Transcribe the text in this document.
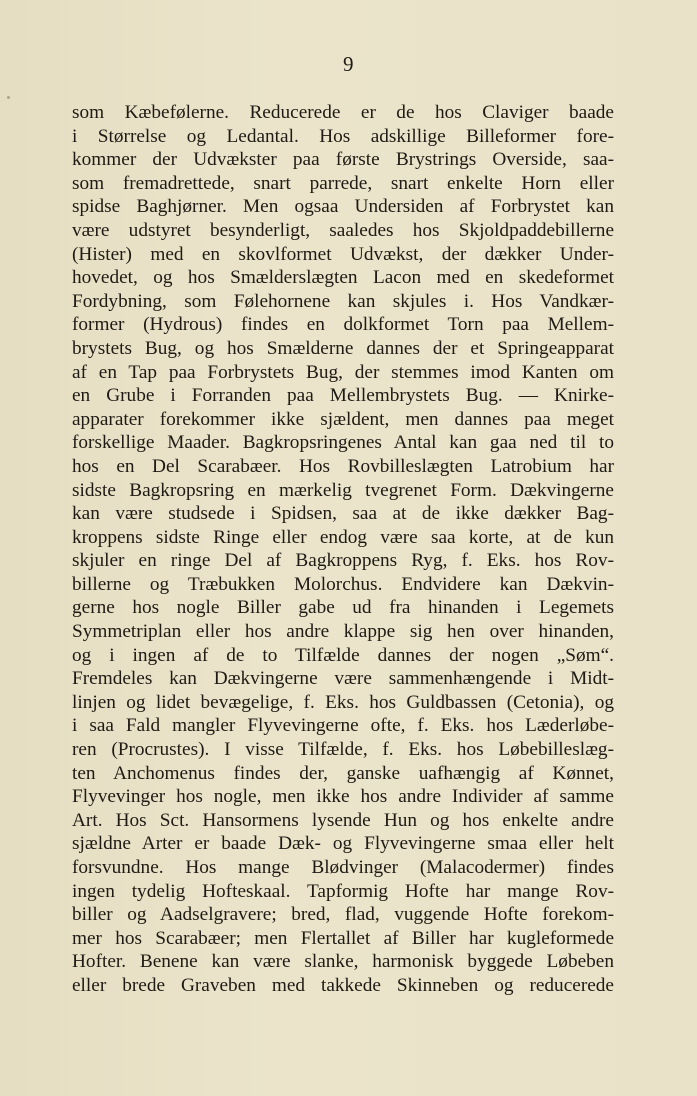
9
som Kæbefølerne. Reducerede er de hos Claviger baade
i Størrelse og Ledantal. Hos adskillige Billeformer fore-
kommer der Udvækster paa første Brystrings Overside, saa-
som fremadrettede, snart parrede, snart enkelte Horn eller
spidse Baghjørner. Men ogsaa Undersiden af Forbrystet kan
være udstyret besynderligt, saaledes hos Skjoldpaddebillerne
(Hister) med en skovlformet Udvækst, der dækker Under-
hovedet, og hos Smælderslægten Lacon med en skedeformet
Fordybning, som Følehornene kan skjules i. Hos Vandkær-
former (Hydrous) findes en dolkformet Torn paa Mellem-
brystets Bug, og hos Smælderne dannes der et Springeapparat
af en Tap paa Forbrystets Bug, der stemmes imod Kanten om
en Grube i Forranden paa Mellembrystets Bug. — Knirke-
apparater forekommer ikke sjældent, men dannes paa meget
forskellige Maader. Bagkropsringenes Antal kan gaa ned til to
hos en Del Scarabæer. Hos Rovbilleslægten Latrobium har
sidste Bagkropsring en mærkelig tvegrenet Form. Dækvingerne
kan være studsede i Spidsen, saa at de ikke dækker Bag-
kroppens sidste Ringe eller endog være saa korte, at de kun
skjuler en ringe Del af Bagkroppens Ryg, f. Eks. hos Rov-
billerne og Træbukken Molorchus. Endvidere kan Dækvin-
gerne hos nogle Biller gabe ud fra hinanden i Legemets
Symmetriplan eller hos andre klappe sig hen over hinanden,
og i ingen af de to Tilfælde dannes der nogen „Søm“.
Fremdeles kan Dækvingerne være sammenhængende i Midt-
linjen og lidet bevægelige, f. Eks. hos Guldbassen (Cetonia), og
i saa Fald mangler Flyvevingerne ofte, f. Eks. hos Læderløbe-
ren (Procrustes). I visse Tilfælde, f. Eks. hos Løbebilleslæg-
ten Anchomenus findes der, ganske uafhængig af Kønnet,
Flyvevinger hos nogle, men ikke hos andre Individer af samme
Art. Hos Sct. Hansormens lysende Hun og hos enkelte andre
sjældne Arter er baade Dæk- og Flyvevingerne smaa eller helt
forsvundne. Hos mange Blødvinger (Malacodermer) findes
ingen tydelig Hofteskaal. Tapformig Hofte har mange Rov-
biller og Aadselgravere; bred, flad, vuggende Hofte forekom-
mer hos Scarabæer; men Flertallet af Biller har kugleformede
Hofter. Benene kan være slanke, harmonisk byggede Løbeben
eller brede Graveben med takkede Skinneben og reducerede
